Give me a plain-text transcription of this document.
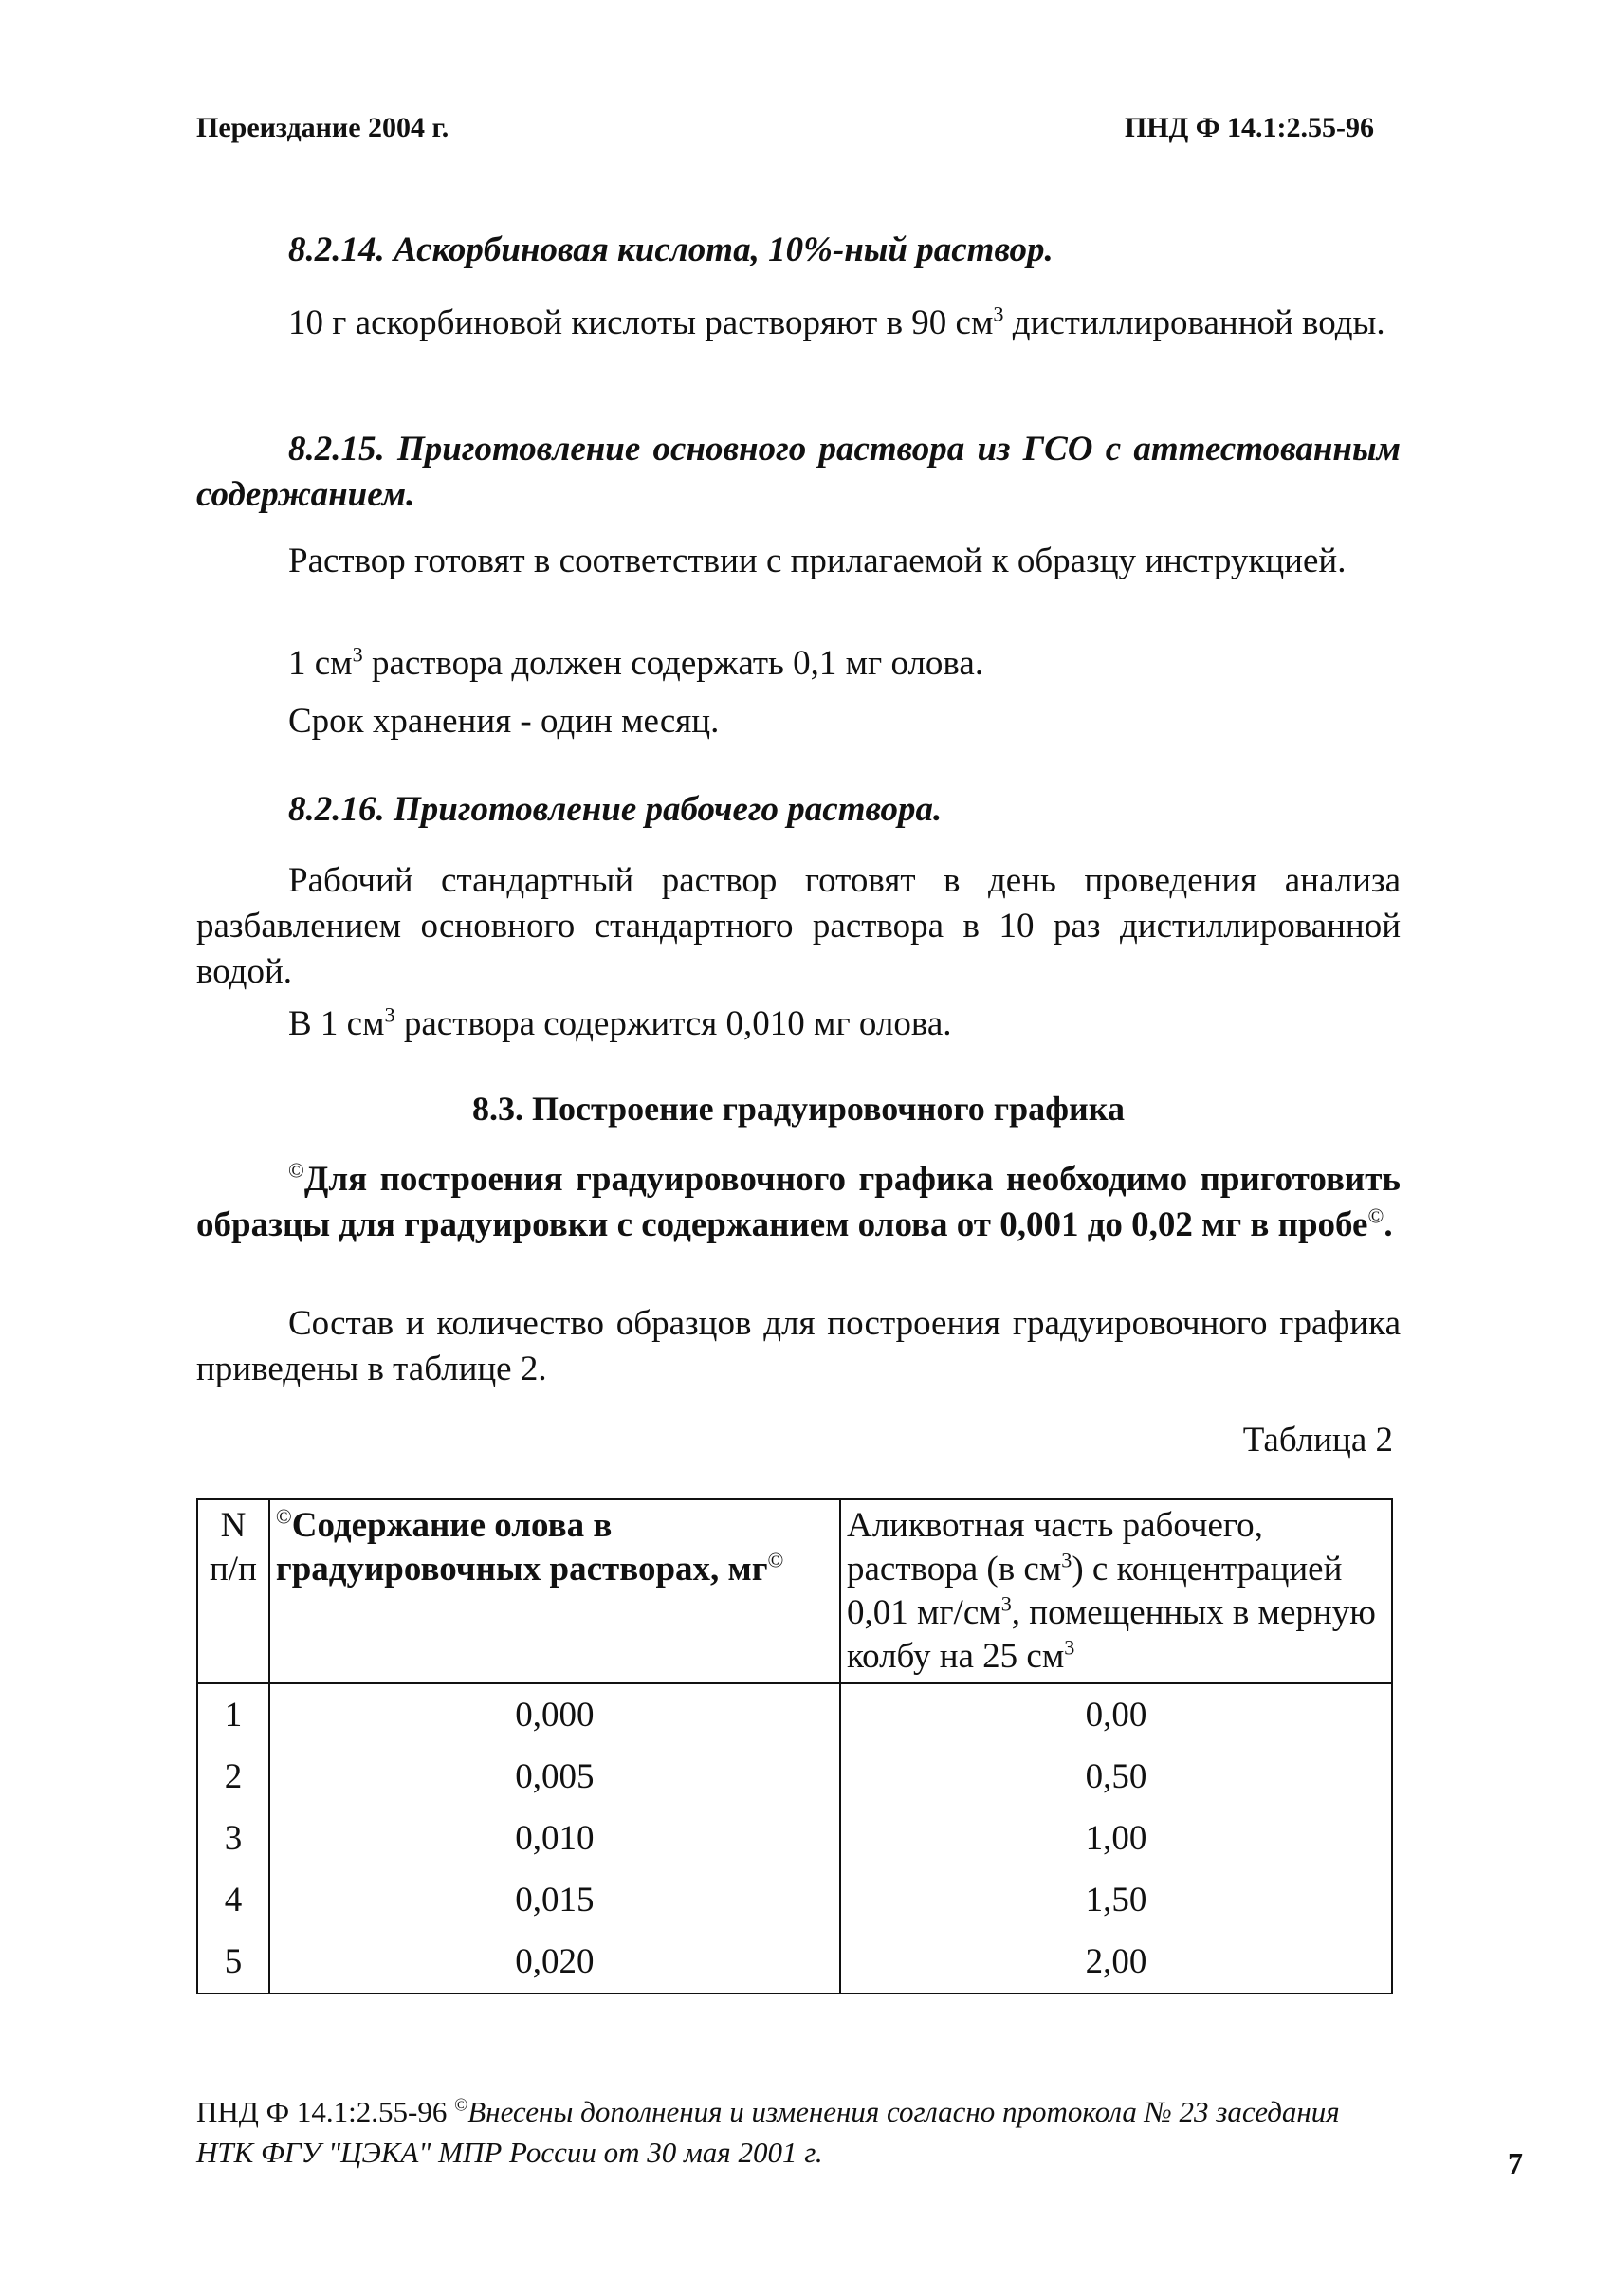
Переиздание 2004 г.	ПНД Ф 14.1:2.55-96
8.2.14. Аскорбиновая кислота, 10%-ный раствор.
10 г аскорбиновой кислоты растворяют в 90 $см^3$ дистиллированной воды.
8.2.15. Приготовление основного раствора из ГСО с аттестованным содержанием.
Раствор готовят в соответствии с прилагаемой к образцу инструкцией.
1 $см^3$ раствора должен содержать 0,1 мг олова.
Срок хранения - один месяц.
8.2.16. Приготовление рабочего раствора.
Рабочий стандартный раствор готовят в день проведения анализа разбавлением основного стандартного раствора в 10 раз дистиллированной водой.
В 1 $см^3$ раствора содержится 0,010 мг олова.
8.3. Построение градуировочного графика
©Для построения градуировочного графика необходимо приготовить образцы для градуировки с содержанием олова от 0,001 до 0,02 мг в пробе©.
Состав и количество образцов для построения градуировочного графика приведены в таблице 2.
Таблица 2
N
п/п	©Содержание олова в градуировочных растворах, мг©	Аликвотная часть рабочего, раствора (в $см^3$) с концентрацией 0,01 $мг/см^3$, помещенных в мерную колбу на 25 $см^3$
1	0,000	0,00
2	0,005	0,50
3	0,010	1,00
4	0,015	1,50
5	0,020	2,00
ПНД Ф 14.1:2.55-96 ©Внесены дополнения и изменения согласно протокола № 23 заседания НТК ФГУ "ЦЭКА" МПР России от 30 мая 2001 г.	7
